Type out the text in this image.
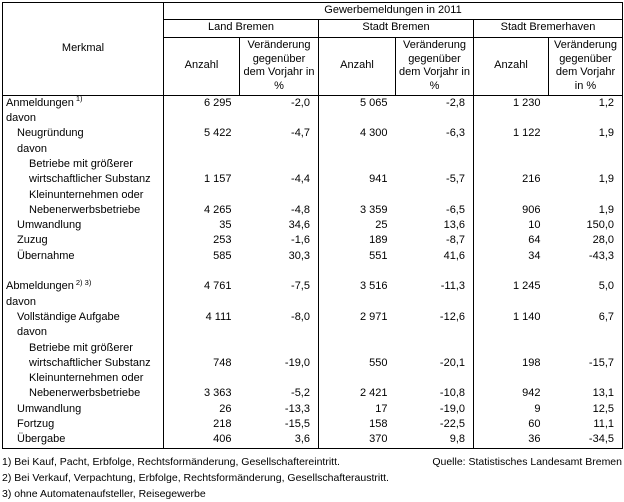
Merkmal	Gewerbemeldungen in 2011					
	Land Bremen		Stadt Bremen		Stadt Bremerhaven	
	Anzahl	Veränderung gegenüber dem Vorjahr in %	Anzahl	Veränderung gegenüber dem Vorjahr in %	Anzahl	Veränderung gegenüber dem Vorjahr in %
Anmeldungen $^{1)}$	6 295	-2,0	5 065	-2,8	1 230	1,2
davon						
Neugründung	5 422	-4,7	4 300	-6,3	1 122	1,9
davon						
Betriebe mit größerer						
wirtschaftlicher Substanz	1 157	-4,4	941	-5,7	216	1,9
Kleinunternehmen oder						
Nebenerwerbsbetriebe	4 265	-4,8	3 359	-6,5	906	1,9
Umwandlung	35	34,6	25	13,6	10	150,0
Zuzug	253	-1,6	189	-8,7	64	28,0
Übernahme	585	30,3	551	41,6	34	-43,3

Abmeldungen $^{2) 3)}$	4 761	-7,5	3 516	-11,3	1 245	5,0
davon						
Vollständige Aufgabe	4 111	-8,0	2 971	-12,6	1 140	6,7
davon						
Betriebe mit größerer						
wirtschaftlicher Substanz	748	-19,0	550	-20,1	198	-15,7
Kleinunternehmen oder						
Nebenerwerbsbetriebe	3 363	-5,2	2 421	-10,8	942	13,1
Umwandlung	26	-13,3	17	-19,0	9	12,5
Fortzug	218	-15,5	158	-22,5	60	11,1
Übergabe	406	3,6	370	9,8	36	-34,5
1) Bei Kauf, Pacht, Erbfolge, Rechtsformänderung, Gesellschaftereintritt.	Quelle: Statistisches Landesamt Bremen
2) Bei Verkauf, Verpachtung, Erbfolge, Rechtsformänderung, Gesellschafteraustritt.
3) ohne Automatenaufsteller, Reisegewerbe
